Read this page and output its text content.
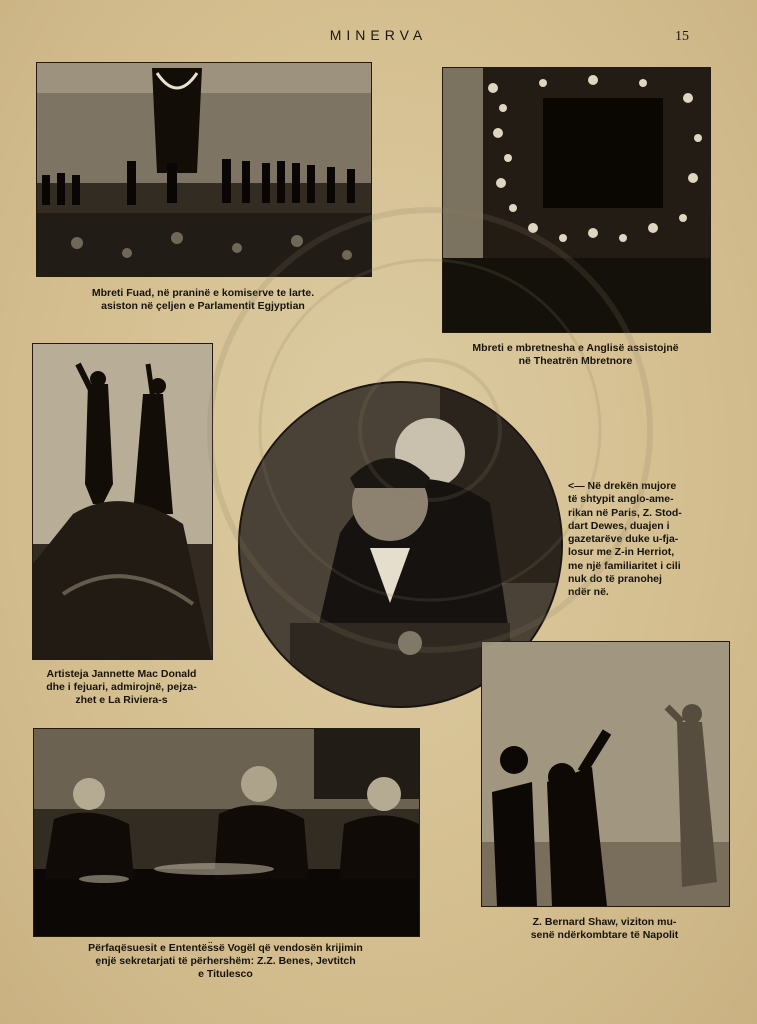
MINERVA	15
Mbreti Fuad, në praninë e komiserve te larte.
asiston në çeljen e Parlamentit Egjyptian
Mbreti e mbretnesha e Anglisë assistojnë
në Theatrën Mbretnore
Artisteja Jannette Mac Donald
dhe i fejuari, admirojnë, pejza-
zhet e La Riviera-s
<— Në drekën mujore
të shtypit anglo-ame-
rikan në Paris, Z. Stod-
dart Dewes, duajen i
gazetarëve duke u-fja-
losur me Z-in Herriot,
me një familiaritet i cili
nuk do të pranohej
ndër në.
Z. Bernard Shaw, viziton mu-
senë ndërkombtare të Napolit
Përfaqësuesit e Ententës̈së Vogël që vendosën krijimin
e̱një sekretarjati të përhershëm: Z.Z. Benes, Jevtitch
e Titulesco
